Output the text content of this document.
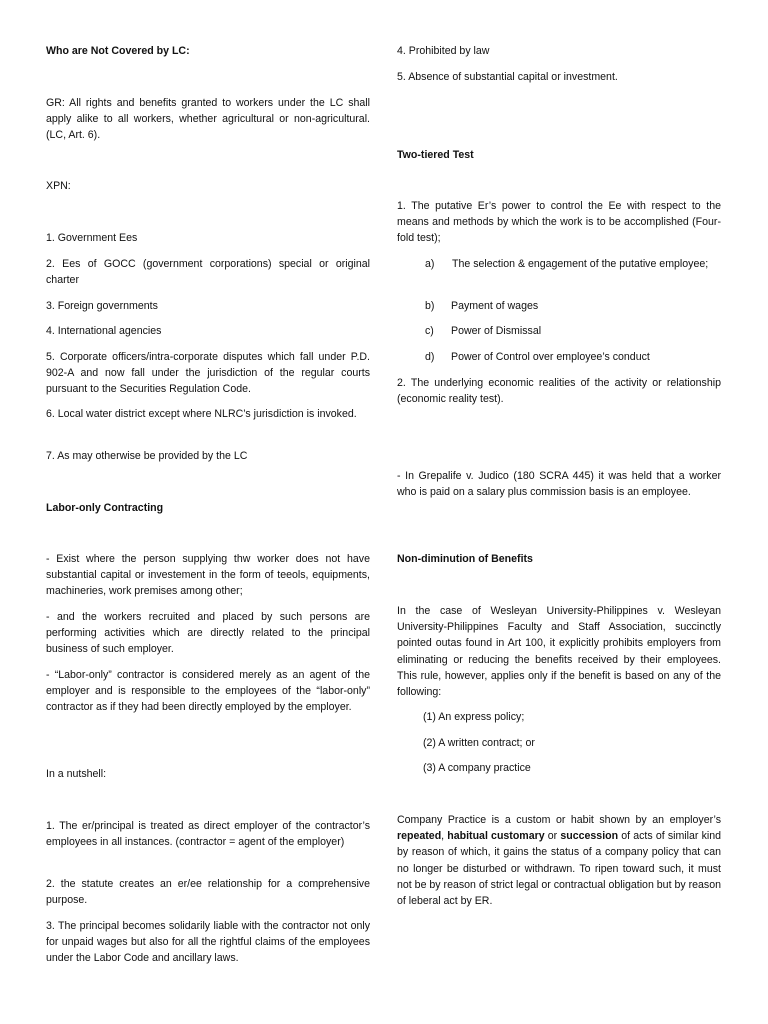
Who are Not Covered by LC:

GR: All rights and benefits granted to workers under the LC shall apply alike to all workers, whether agricultural or non-agricultural. (LC, Art. 6).

XPN:

1. Government Ees

2. Ees of GOCC (government corporations) special or original charter

3. Foreign governments

4. International agencies

5. Corporate officers/intra-corporate disputes which fall under P.D. 902-A and now fall under the jurisdiction of the regular courts pursuant to the Securities Regulation Code.

6. Local water district except where NLRC’s jurisdiction is invoked.

7. As may otherwise be provided by the LC

Labor-only Contracting

- Exist where the person supplying thw worker does not have substantial capital or investement in the form of teeols, equipments, machineries, work premises among other;

- and the workers recruited and placed by such persons are performing activities which are directly related to the principal business of such employer.

- “Labor-only” contractor is considered merely as an agent of the employer and is responsible to the employees of the “labor-only” contractor as if they had been directly employed by the employer.

In a nutshell:

1. The er/principal is treated as direct employer of the contractor’s employees in all instances. (contractor = agent of the employer)

2. the statute creates an er/ee relationship for a comprehensive purpose.

3. The principal becomes solidarily liable with the contractor not only for unpaid wages but also for all the rightful claims of the employees under the Labor Code and ancillary laws.

4. Prohibited by law

5. Absence of substantial capital or investment.

Two-tiered Test

1. The putative Er’s power to control the Ee with respect to the means and methods by which the work is to be accomplished (Four-fold test);

a) The selection & engagement of the putative employee;
b) Payment of wages
c) Power of Dismissal
d) Power of Control over employee’s conduct

2. The underlying economic realities of the activity or relationship (economic reality test).

- In Grepalife v. Judico (180 SCRA 445) it was held that a worker who is paid on a salary plus commission basis is an employee.

Non-diminution of Benefits

In the case of Wesleyan University-Philippines v. Wesleyan University-Philippines Faculty and Staff Association, succinctly pointed outas found in Art 100, it explicitly prohibits employers from eliminating or reducing the benefits received by their employees. This rule, however, applies only if the benefit is based on any of the following:

(1) An express policy;

(2) A written contract; or

(3) A company practice

Company Practice is a custom or habit shown by an employer’s repeated, habitual customary or succession of acts of similar kind by reason of which, it gains the status of a company policy that can no longer be disturbed or withdrawn. To ripen toward such, it must not be by reason of strict legal or contractual obligation but by reason of leberal act by ER.
